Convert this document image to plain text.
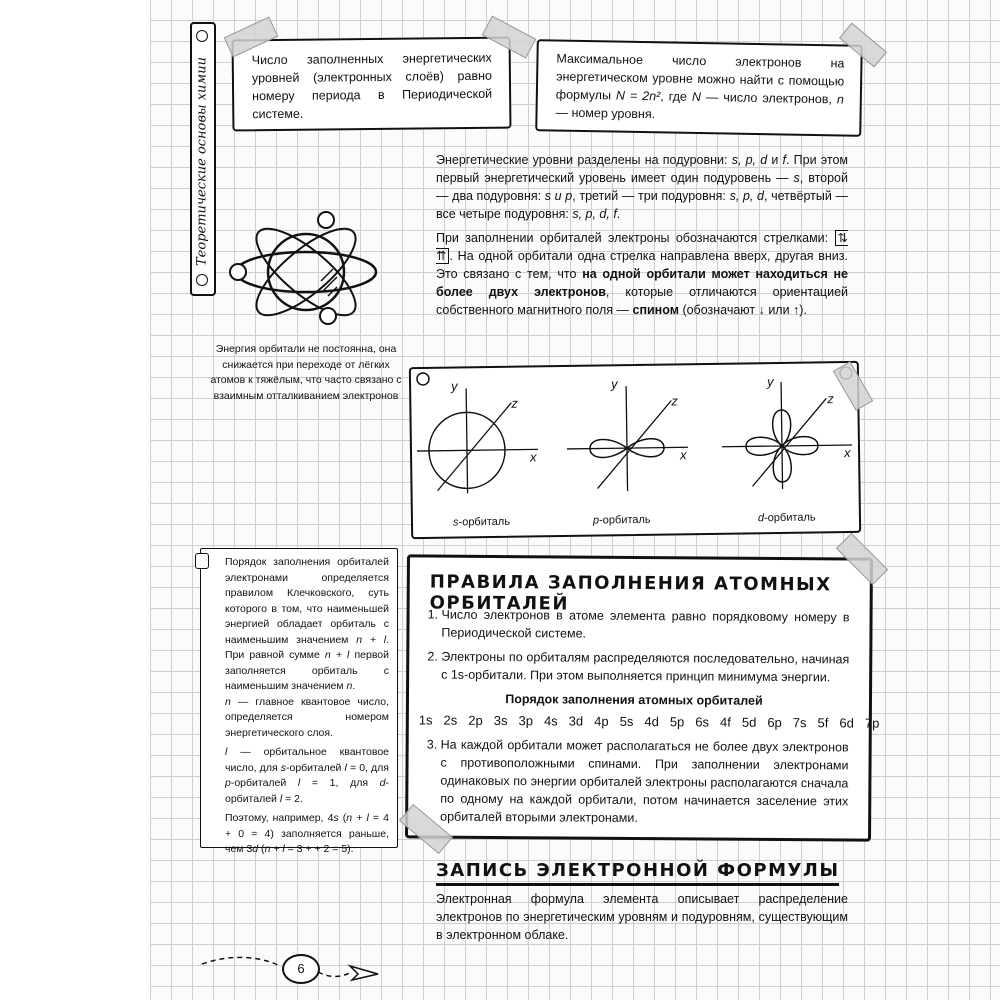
Теоретические основы химии	Число заполненных энергетических уровней (электронных слоёв) равно номеру периода в Периодической системе.

Максимальное число электронов на энергетическом уровне можно найти с помощью формулы N = 2n², где N — число электронов, n — номер уровня.

Энергетические уровни разделены на подуровни: s, p, d и f. При этом первый энергетический уровень имеет один подуровень — s, второй — два подуровня: s и p, третий — три подуровня: s, p, d, четвёртый — все четыре подуровня: s, p, d, f.

При заполнении орбиталей электроны обозначаются стрелками: ⇅ ⇈ . На одной орбитали одна стрелка направлена вверх, другая вниз. Это связано с тем, что на одной орбитали может находиться не более двух электронов, которые отличаются ориентацией собственного магнитного поля — спином (обозначают ↓ или ↑).

Энергия орбитали не постоянна, она снижается при переходе от лёгких атомов к тяжёлым, что часто связано с взаимным отталкиванием электронов

y
z
x
y
z
x
y
z
x
s-орбиталь	p-орбиталь	d-орбиталь

Порядок заполнения орбиталей электронами определяется правилом Клечковского, суть которого в том, что наименьшей энергией обладает орбиталь с наименьшим значением n + l. При равной сумме n + l первой заполняется орбиталь с наименьшим значением n.

n — главное квантовое число, определяется номером энергетического слоя.

l — орбитальное квантовое число, для s-орбиталей l = 0, для p-орбиталей l = 1, для d-орбиталей l = 2.

Поэтому, например, 4s (n + l = 4 + 0 = 4) заполняется раньше, чем 3d (n + l = 3 + + 2 = 5).

ПРАВИЛА ЗАПОЛНЕНИЯ АТОМНЫХ ОРБИТАЛЕЙ
1. Число электронов в атоме элемента равно порядковому номеру в Периодической системе.
2. Электроны по орбиталям распределяются последовательно, начиная с 1s-орбитали. При этом выполняется принцип минимума энергии.

Порядок заполнения атомных орбиталей

1s 2s 2p 3s 3p 4s 3d 4p 5s 4d 5p 6s 4f 5d 6p 7s 5f 6d 7p

3. На каждой орбитали может располагаться не более двух электронов с противоположными спинами. При заполнении электронами одинаковых по энергии орбиталей электроны располагаются сначала по одному на каждой орбитали, потом начинается заселение этих орбиталей вторыми электронами.
ЗАПИСЬ ЭЛЕКТРОННОЙ ФОРМУЛЫ

Электронная формула элемента описывает распределение электронов по энергетическим уровням и подуровням, существующим в электронном облаке.

6
